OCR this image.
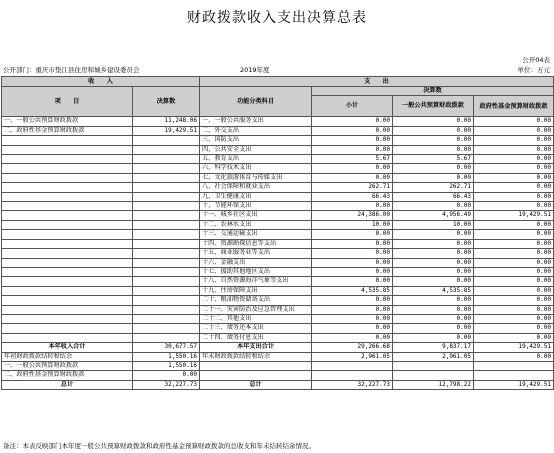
财政拨款收入支出决算总表
公开04表
公开部门：重庆市垫江县住房和城乡建设委员会	2019年度	单位：万元
收　　入		支　　出			
项　　目	决算数	功能分类科目	决算数		
			小计	一般公共预算财政拨款	政府性基金预算财政拨款
一、一般公共预算财政拨款	11,248.06	一、一般公共服务支出	0.00	0.00	0.00
二、政府性基金预算财政拨款	19,429.51	二、外交支出	0.00	0.00	0.00
		三、国防支出	0.00	0.00	0.00
		四、公共安全支出	0.00	0.00	0.00
		五、教育支出	5.67	5.67	0.00
		六、科学技术支出	0.00	0.00	0.00
		七、文化旅游体育与传媒支出	0.00	0.00	0.00
		八、社会保障和就业支出	262.71	262.71	0.00
		九、卫生健康支出	66.43	66.43	0.00
		十、节能环保支出	0.00	0.00	0.00
		十一、城乡社区支出	24,386.00	4,956.49	19,429.51
		十二、农林水支出	10.00	10.00	0.00
		十三、交通运输支出	0.00	0.00	0.00
		十四、资源勘探信息等支出	0.00	0.00	0.00
		十五、商业服务业等支出	0.00	0.00	0.00
		十六、金融支出	0.00	0.00	0.00
		十七、援助其他地区支出	0.00	0.00	0.00
		十八、自然资源海洋气象等支出	0.00	0.00	0.00
		十九、住房保障支出	4,535.85	4,535.85	0.00
		二十、粮油物资储备支出	0.00	0.00	0.00
		二十一、灾害防治及应急管理支出	0.00	0.00	0.00
		二十二、其他支出	0.00	0.00	0.00
		二十三、债务还本支出	0.00	0.00	0.00
		二十四、债务付息支出	0.00	0.00	0.00
本年收入合计	30,677.57	本年支出合计	29,266.68	9,837.17	19,429.51
年初财政拨款结转和结余	1,550.16	年末财政拨款结转和结余	2,961.05	2,961.05	0.00
一、一般公共预算财政拨款	1,550.16				
二、政府性基金预算财政拨款	0.00				
总计	32,227.73	总计	32,227.73	12,798.22	19,429.51
备注：本表反映部门本年度一般公共预算财政拨款和政府性基金预算财政拨款的总收支和年末结转结余情况。
